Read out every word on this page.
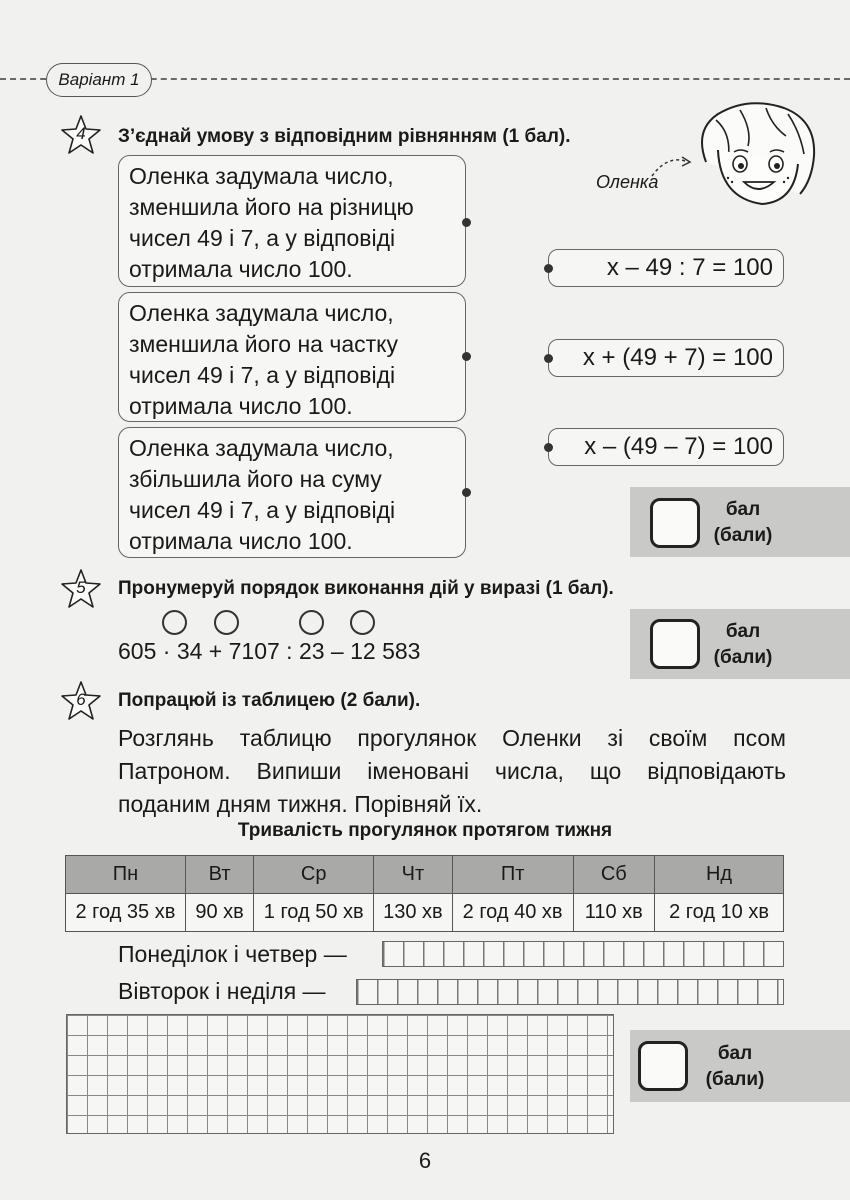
Варіант 1
4	З’єднай умову з відповідним рівнянням (1 бал).
Оленка
Оленка задумала число,
зменшила його на різницю
чисел 49 і 7, а у відповіді
отримала число 100.
Оленка задумала число,
зменшила його на частку
чисел 49 і 7, а у відповіді
отримала число 100.
Оленка задумала число,
збільшила його на суму
чисел 49 і 7, а у відповіді
отримала число 100.
x – 49 : 7 = 100
x + (49 + 7) = 100
x – (49 – 7) = 100
бал
(бали)
5	Пронумеруй порядок виконання дій у виразі (1 бал).
605 · 34 + 7107 : 23 – 12 583
бал
(бали)
6	Попрацюй із таблицею (2 бали).
Розглянь таблицю прогулянок Оленки зі своїм псом Патроном. Випиши іменовані числа, що відповідають поданим дням тижня. Порівняй їх.
Тривалість прогулянок протягом тижня
Пн	Вт	Ср	Чт	Пт	Сб	Нд
2 год 35 хв	90 хв	1 год 50 хв	130 хв	2 год 40 хв	110 хв	2 год 10 хв
Понеділок і четвер —
Вівторок і неділя —
бал
(бали)
6
